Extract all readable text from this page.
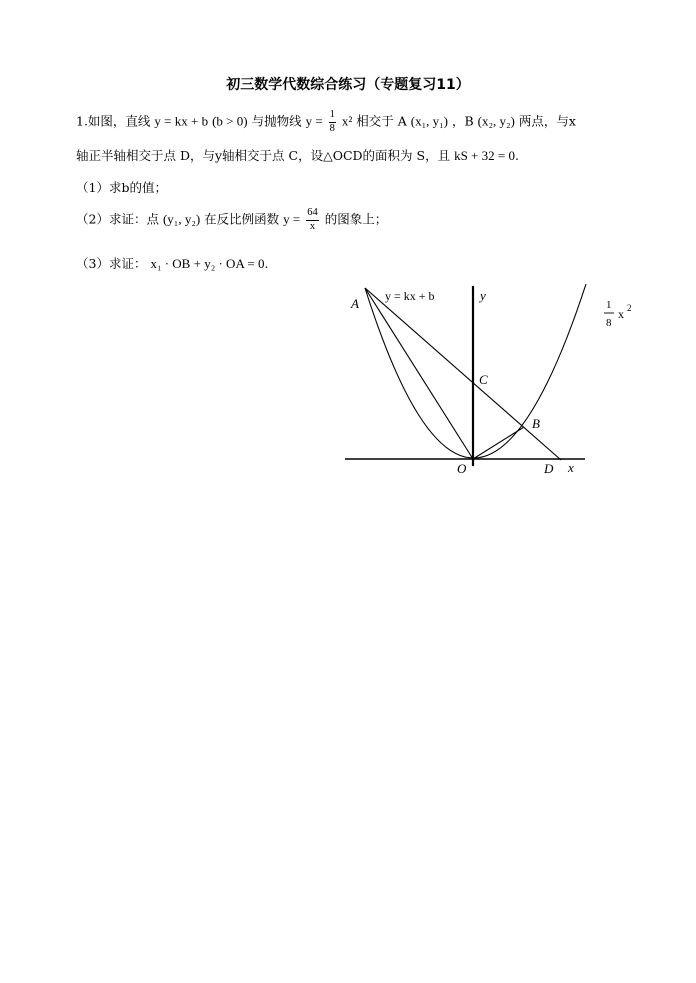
初三数学代数综合练习（专题复习11）
1.如图，直线 y = kx + b (b > 0) 与抛物线 $y = \frac{1}{8} x^2$ 相交于 A (x₁, y₁) ，B (x₂, y₂) 两点，与x
轴正半轴相交于点 D，与y轴相交于点 C，设△OCD的面积为 S，且 kS + 32 = 0.
（1）求b的值；
（2）求证：点 (y₁, y₂) 在反比例函数 $y = \frac{64}{x}$ 的图象上；
（3）求证： x₁ · OB + y₂ · OA = 0.
A
B
C
D
O	x
y
y = kx + b
1
8
x 2
